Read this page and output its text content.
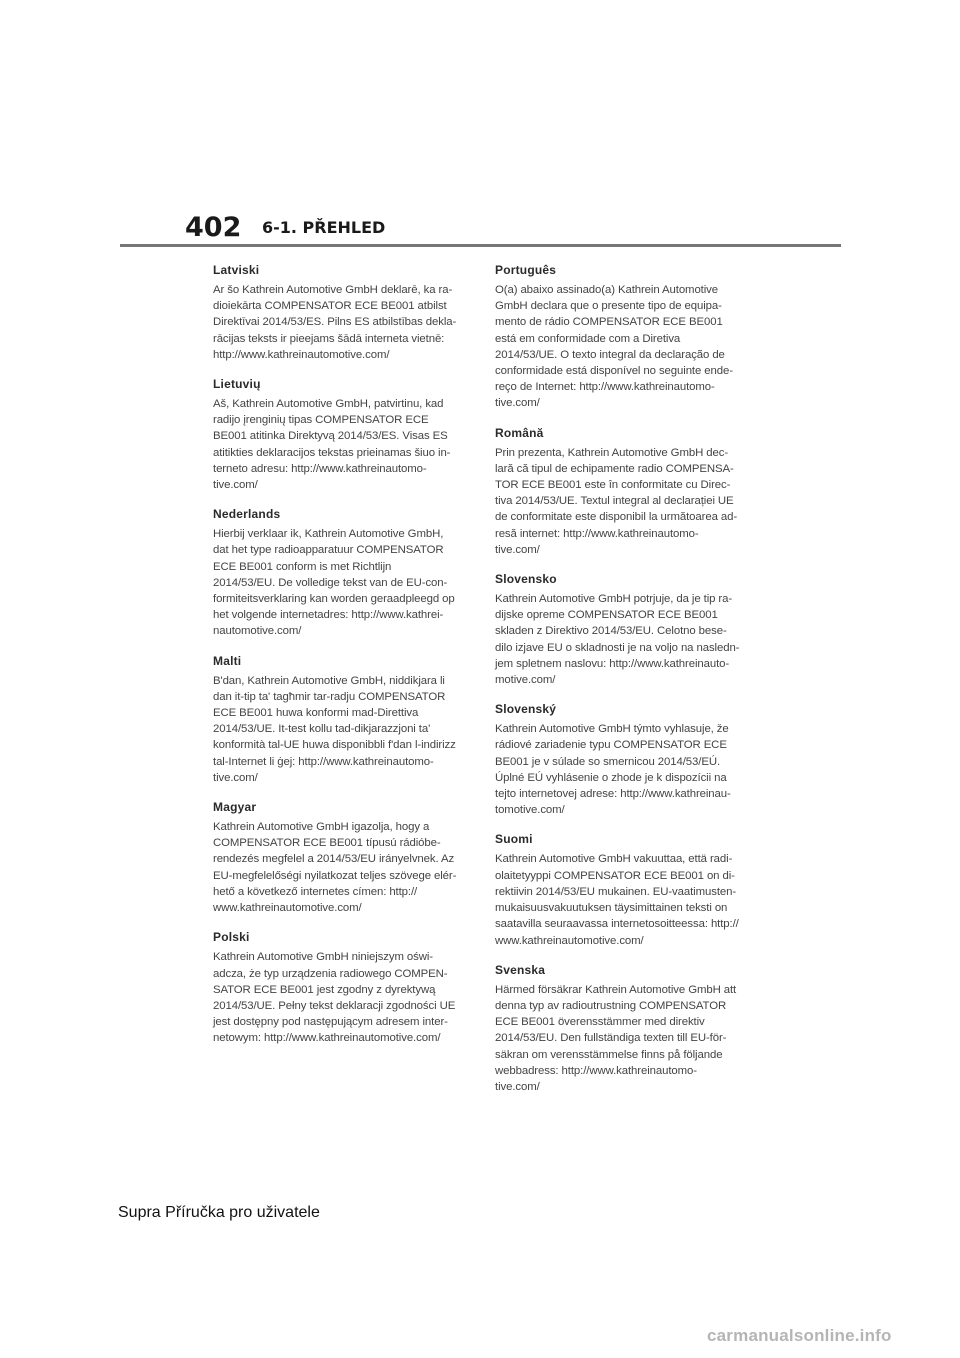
402 6-1. PŘEHLED
Latviski

Ar šo Kathrein Automotive GmbH deklarē, ka ra-
dioiekārta COMPENSATOR ECE BE001 atbilst
Direktīvai 2014/53/ES. Pilns ES atbilstības dekla-
rācijas teksts ir pieejams šādā interneta vietnē:
http://www.kathreinautomotive.com/

Lietuvių

Aš, Kathrein Automotive GmbH, patvirtinu, kad
radijo įrenginių tipas COMPENSATOR ECE
BE001 atitinka Direktyvą 2014/53/ES. Visas ES
atitikties deklaracijos tekstas prieinamas šiuo in-
terneto adresu: http://www.kathreinautomo-
tive.com/

Nederlands

Hierbij verklaar ik, Kathrein Automotive GmbH,
dat het type radioapparatuur COMPENSATOR
ECE BE001 conform is met Richtlijn
2014/53/EU. De volledige tekst van de EU-con-
formiteitsverklaring kan worden geraadpleegd op
het volgende internetadres: http://www.kathrei-
nautomotive.com/

Malti

B'dan, Kathrein Automotive GmbH, niddikjara li
dan it-tip ta' tagħmir tar-radju COMPENSATOR
ECE BE001 huwa konformi mad-Direttiva
2014/53/UE. It-test kollu tad-dikjarazzjoni ta'
konformità tal-UE huwa disponibbli f'dan l-indirizz
tal-Internet li ġej: http://www.kathreinautomo-
tive.com/

Magyar

Kathrein Automotive GmbH igazolja, hogy a
COMPENSATOR ECE BE001 típusú rádióbe-
rendezés megfelel a 2014/53/EU irányelvnek. Az
EU-megfelelőségi nyilatkozat teljes szövege elér-
hető a következő internetes címen: http://
www.kathreinautomotive.com/

Polski

Kathrein Automotive GmbH niniejszym oświ-
adcza, że typ urządzenia radiowego COMPEN-
SATOR ECE BE001 jest zgodny z dyrektywą
2014/53/UE. Pełny tekst deklaracji zgodności UE
jest dostępny pod następującym adresem inter-
netowym: http://www.kathreinautomotive.com/

Português

O(a) abaixo assinado(a) Kathrein Automotive
GmbH declara que o presente tipo de equipa-
mento de rádio COMPENSATOR ECE BE001
está em conformidade com a Diretiva
2014/53/UE. O texto integral da declaração de
conformidade está disponível no seguinte ende-
reço de Internet: http://www.kathreinautomo-
tive.com/

Română

Prin prezenta, Kathrein Automotive GmbH dec-
lară că tipul de echipamente radio COMPENSA-
TOR ECE BE001 este în conformitate cu Direc-
tiva 2014/53/UE. Textul integral al declarației UE
de conformitate este disponibil la următoarea ad-
resă internet: http://www.kathreinautomo-
tive.com/

Slovensko

Kathrein Automotive GmbH potrjuje, da je tip ra-
dijske opreme COMPENSATOR ECE BE001
skladen z Direktivo 2014/53/EU. Celotno bese-
dilo izjave EU o skladnosti je na voljo na nasledn-
jem spletnem naslovu: http://www.kathreinauto-
motive.com/

Slovenský

Kathrein Automotive GmbH týmto vyhlasuje, že
rádiové zariadenie typu COMPENSATOR ECE
BE001 je v súlade so smernicou 2014/53/EÚ.
Úplné EÚ vyhlásenie o zhode je k dispozícii na
tejto internetovej adrese: http://www.kathreinau-
tomotive.com/

Suomi

Kathrein Automotive GmbH vakuuttaa, että radi-
olaitetyyppi COMPENSATOR ECE BE001 on di-
rektiivin 2014/53/EU mukainen. EU-vaatimusten-
mukaisuusvakuutuksen täysimittainen teksti on
saatavilla seuraavassa internetosoitteessa: http://
www.kathreinautomotive.com/

Svenska

Härmed försäkrar Kathrein Automotive GmbH att
denna typ av radioutrustning COMPENSATOR
ECE BE001 överensstämmer med direktiv
2014/53/EU. Den fullständiga texten till EU-för-
säkran om verensstämmelse finns på följande
webbadress: http://www.kathreinautomo-
tive.com/

Supra Příručka pro uživatele
carmanualsonline.info
